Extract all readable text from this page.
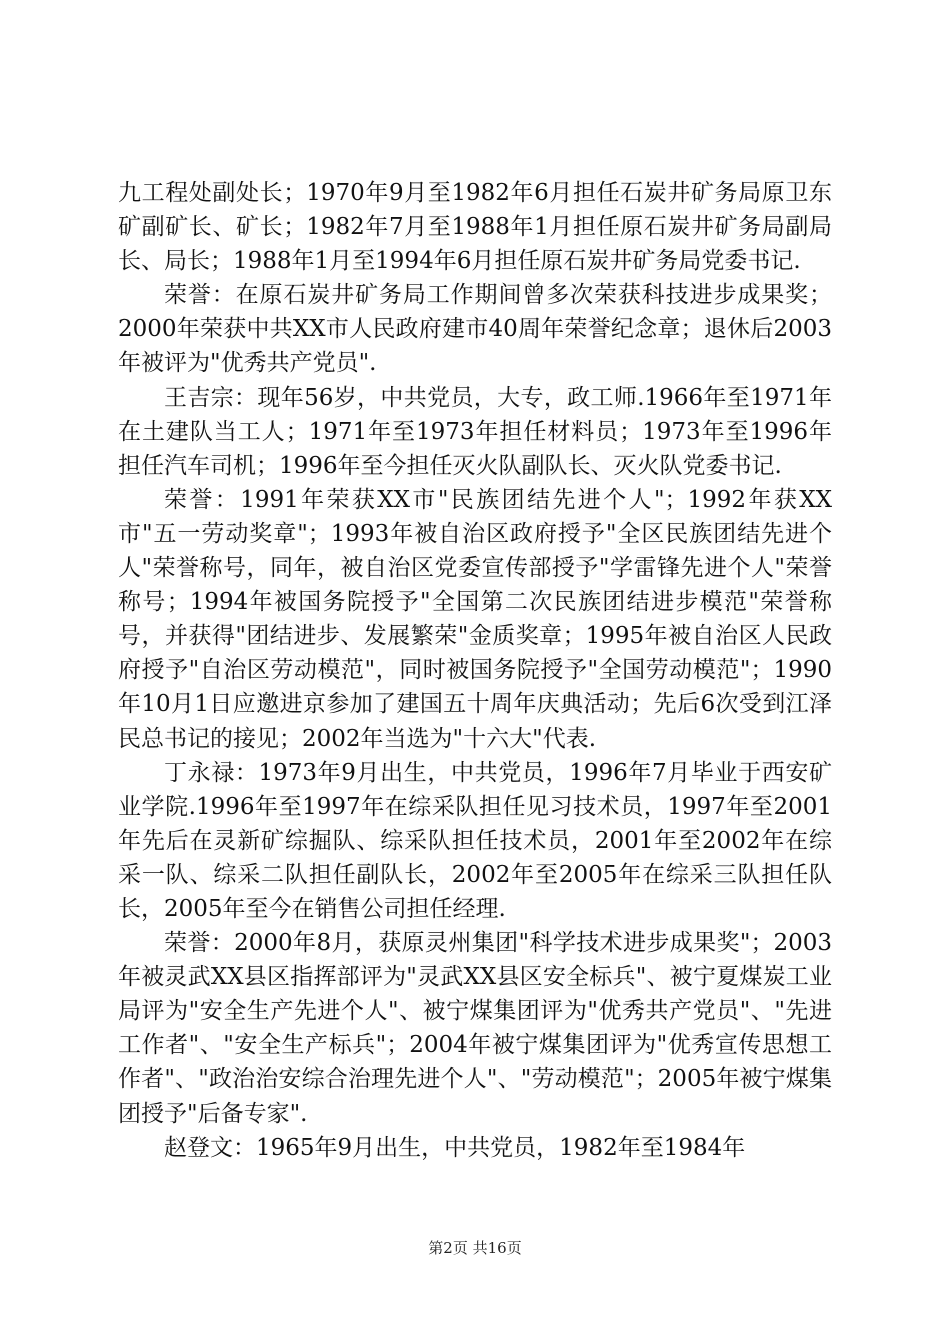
九工程处副处长；1970年9月至1982年6月担任石炭井矿务局原卫东矿副矿长、矿长；1982年7月至1988年1月担任原石炭井矿务局副局长、局长；1988年1月至1994年6月担任原石炭井矿务局党委书记.

荣誉：在原石炭井矿务局工作期间曾多次荣获科技进步成果奖；2000年荣获中共XX市人民政府建市40周年荣誉纪念章；退休后2003年被评为"优秀共产党员".

王吉宗：现年56岁，中共党员，大专，政工师.1966年至1971年在土建队当工人；1971年至1973年担任材料员；1973年至1996年担任汽车司机；1996年至今担任灭火队副队长、灭火队党委书记.

荣誉：1991年荣获XX市"民族团结先进个人"；1992年获XX市"五一劳动奖章"；1993年被自治区政府授予"全区民族团结先进个人"荣誉称号，同年，被自治区党委宣传部授予"学雷锋先进个人"荣誉称号；1994年被国务院授予"全国第二次民族团结进步模范"荣誉称号，并获得"团结进步、发展繁荣"金质奖章；1995年被自治区人民政府授予"自治区劳动模范"，同时被国务院授予"全国劳动模范"；1990年10月1日应邀进京参加了建国五十周年庆典活动；先后6次受到江泽民总书记的接见；2002年当选为"十六大"代表.

丁永禄：1973年9月出生，中共党员，1996年7月毕业于西安矿业学院.1996年至1997年在综采队担任见习技术员，1997年至2001年先后在灵新矿综掘队、综采队担任技术员，2001年至2002年在综采一队、综采二队担任副队长，2002年至2005年在综采三队担任队长，2005年至今在销售公司担任经理.

荣誉：2000年8月，获原灵州集团"科学技术进步成果奖"；2003年被灵武XX县区指挥部评为"灵武XX县区安全标兵"、被宁夏煤炭工业局评为"安全生产先进个人"、被宁煤集团评为"优秀共产党员"、"先进工作者"、"安全生产标兵"；2004年被宁煤集团评为"优秀宣传思想工作者"、"政治治安综合治理先进个人"、"劳动模范"；2005年被宁煤集团授予"后备专家".

赵登文：1965年9月出生，中共党员，1982年至1984年

第2页 共16页
